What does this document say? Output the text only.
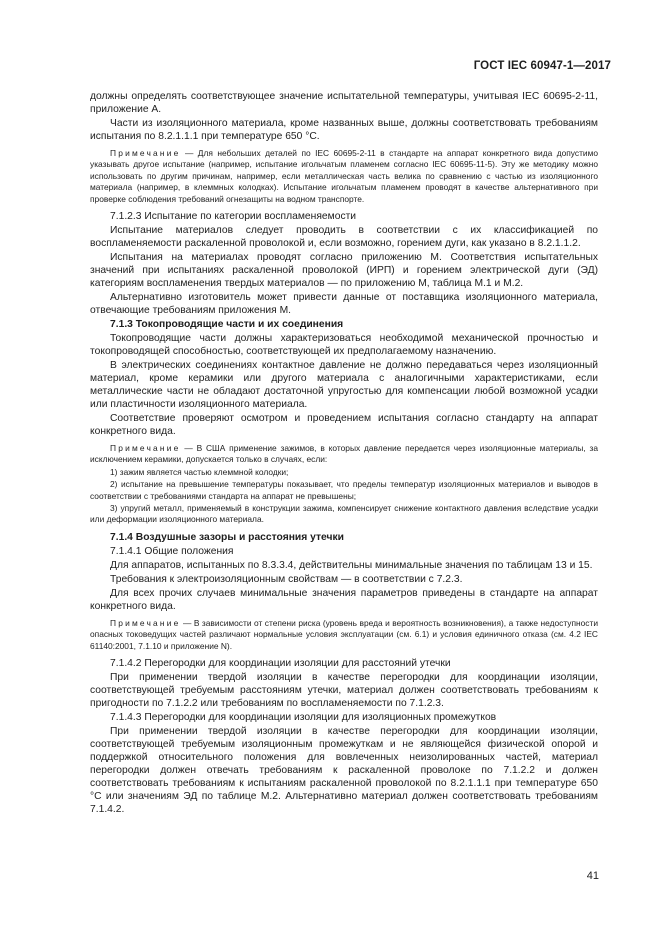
ГОСТ IEC 60947-1—2017

должны определять соответствующее значение испытательной температуры, учитывая IEC 60695-2-11, приложение А.

Части из изоляционного материала, кроме названных выше, должны соответствовать требованиям испытания по 8.2.1.1.1 при температуре 650 °С.

Примечание — Для небольших деталей по IEC 60695-2-11 в стандарте на аппарат конкретного вида допустимо указывать другое испытание (например, испытание игольчатым пламенем согласно IEC 60695-11-5). Эту же методику можно использовать по другим причинам, например, если металлическая часть велика по сравнению с частью из изоляционного материала (например, в клеммных колодках). Испытание игольчатым пламенем проводят в качестве альтернативного при проверке соблюдения требований огнезащиты на водном транспорте.

7.1.2.3 Испытание по категории воспламеняемости

Испытание материалов следует проводить в соответствии с их классификацией по воспламеняемости раскаленной проволокой и, если возможно, горением дуги, как указано в 8.2.1.1.2.

Испытания на материалах проводят согласно приложению М. Соответствия испытательных значений при испытаниях раскаленной проволокой (ИРП) и горением электрической дуги (ЭД) категориям воспламенения твердых материалов — по приложению М, таблица М.1 и М.2.

Альтернативно изготовитель может привести данные от поставщика изоляционного материала, отвечающие требованиям приложения М.

7.1.3 Токопроводящие части и их соединения

Токопроводящие части должны характеризоваться необходимой механической прочностью и токопроводящей способностью, соответствующей их предполагаемому назначению.

В электрических соединениях контактное давление не должно передаваться через изоляционный материал, кроме керамики или другого материала с аналогичными характеристиками, если металлические части не обладают достаточной упругостью для компенсации любой возможной усадки или пластичности изоляционного материала.

Соответствие проверяют осмотром и проведением испытания согласно стандарту на аппарат конкретного вида.

Примечание — В США применение зажимов, в которых давление передается через изоляционные материалы, за исключением керамики, допускается только в случаях, если:

1) зажим является частью клеммной колодки;

2) испытание на превышение температуры показывает, что пределы температур изоляционных материалов и выводов в соответствии с требованиями стандарта на аппарат не превышены;

3) упругий металл, применяемый в конструкции зажима, компенсирует снижение контактного давления вследствие усадки или деформации изоляционного материала.

7.1.4 Воздушные зазоры и расстояния утечки

7.1.4.1 Общие положения

Для аппаратов, испытанных по 8.3.3.4, действительны минимальные значения по таблицам 13 и 15.

Требования к электроизоляционным свойствам — в соответствии с 7.2.3.

Для всех прочих случаев минимальные значения параметров приведены в стандарте на аппарат конкретного вида.

Примечание — В зависимости от степени риска (уровень вреда и вероятность возникновения), а также недоступности опасных токоведущих частей различают нормальные условия эксплуатации (см. 6.1) и условия единичного отказа (см. 4.2 IEC 61140:2001, 7.1.10 и приложение N).

7.1.4.2 Перегородки для координации изоляции для расстояний утечки

При применении твердой изоляции в качестве перегородки для координации изоляции, соответствующей требуемым расстояниям утечки, материал должен соответствовать требованиям к пригодности по 7.1.2.2 или требованиям по воспламеняемости по 7.1.2.3.

7.1.4.3 Перегородки для координации изоляции для изоляционных промежутков

При применении твердой изоляции в качестве перегородки для координации изоляции, соответствующей требуемым изоляционным промежуткам и не являющейся физической опорой и поддержкой относительного положения для вовлеченных неизолированных частей, материал перегородки должен отвечать требованиям к раскаленной проволоке по 7.1.2.2 и должен соответствовать требованиям к испытаниям раскаленной проволокой по 8.2.1.1.1 при температуре 650 °С или значениям ЭД по таблице М.2. Альтернативно материал должен соответствовать требованиям 7.1.4.2.

41
